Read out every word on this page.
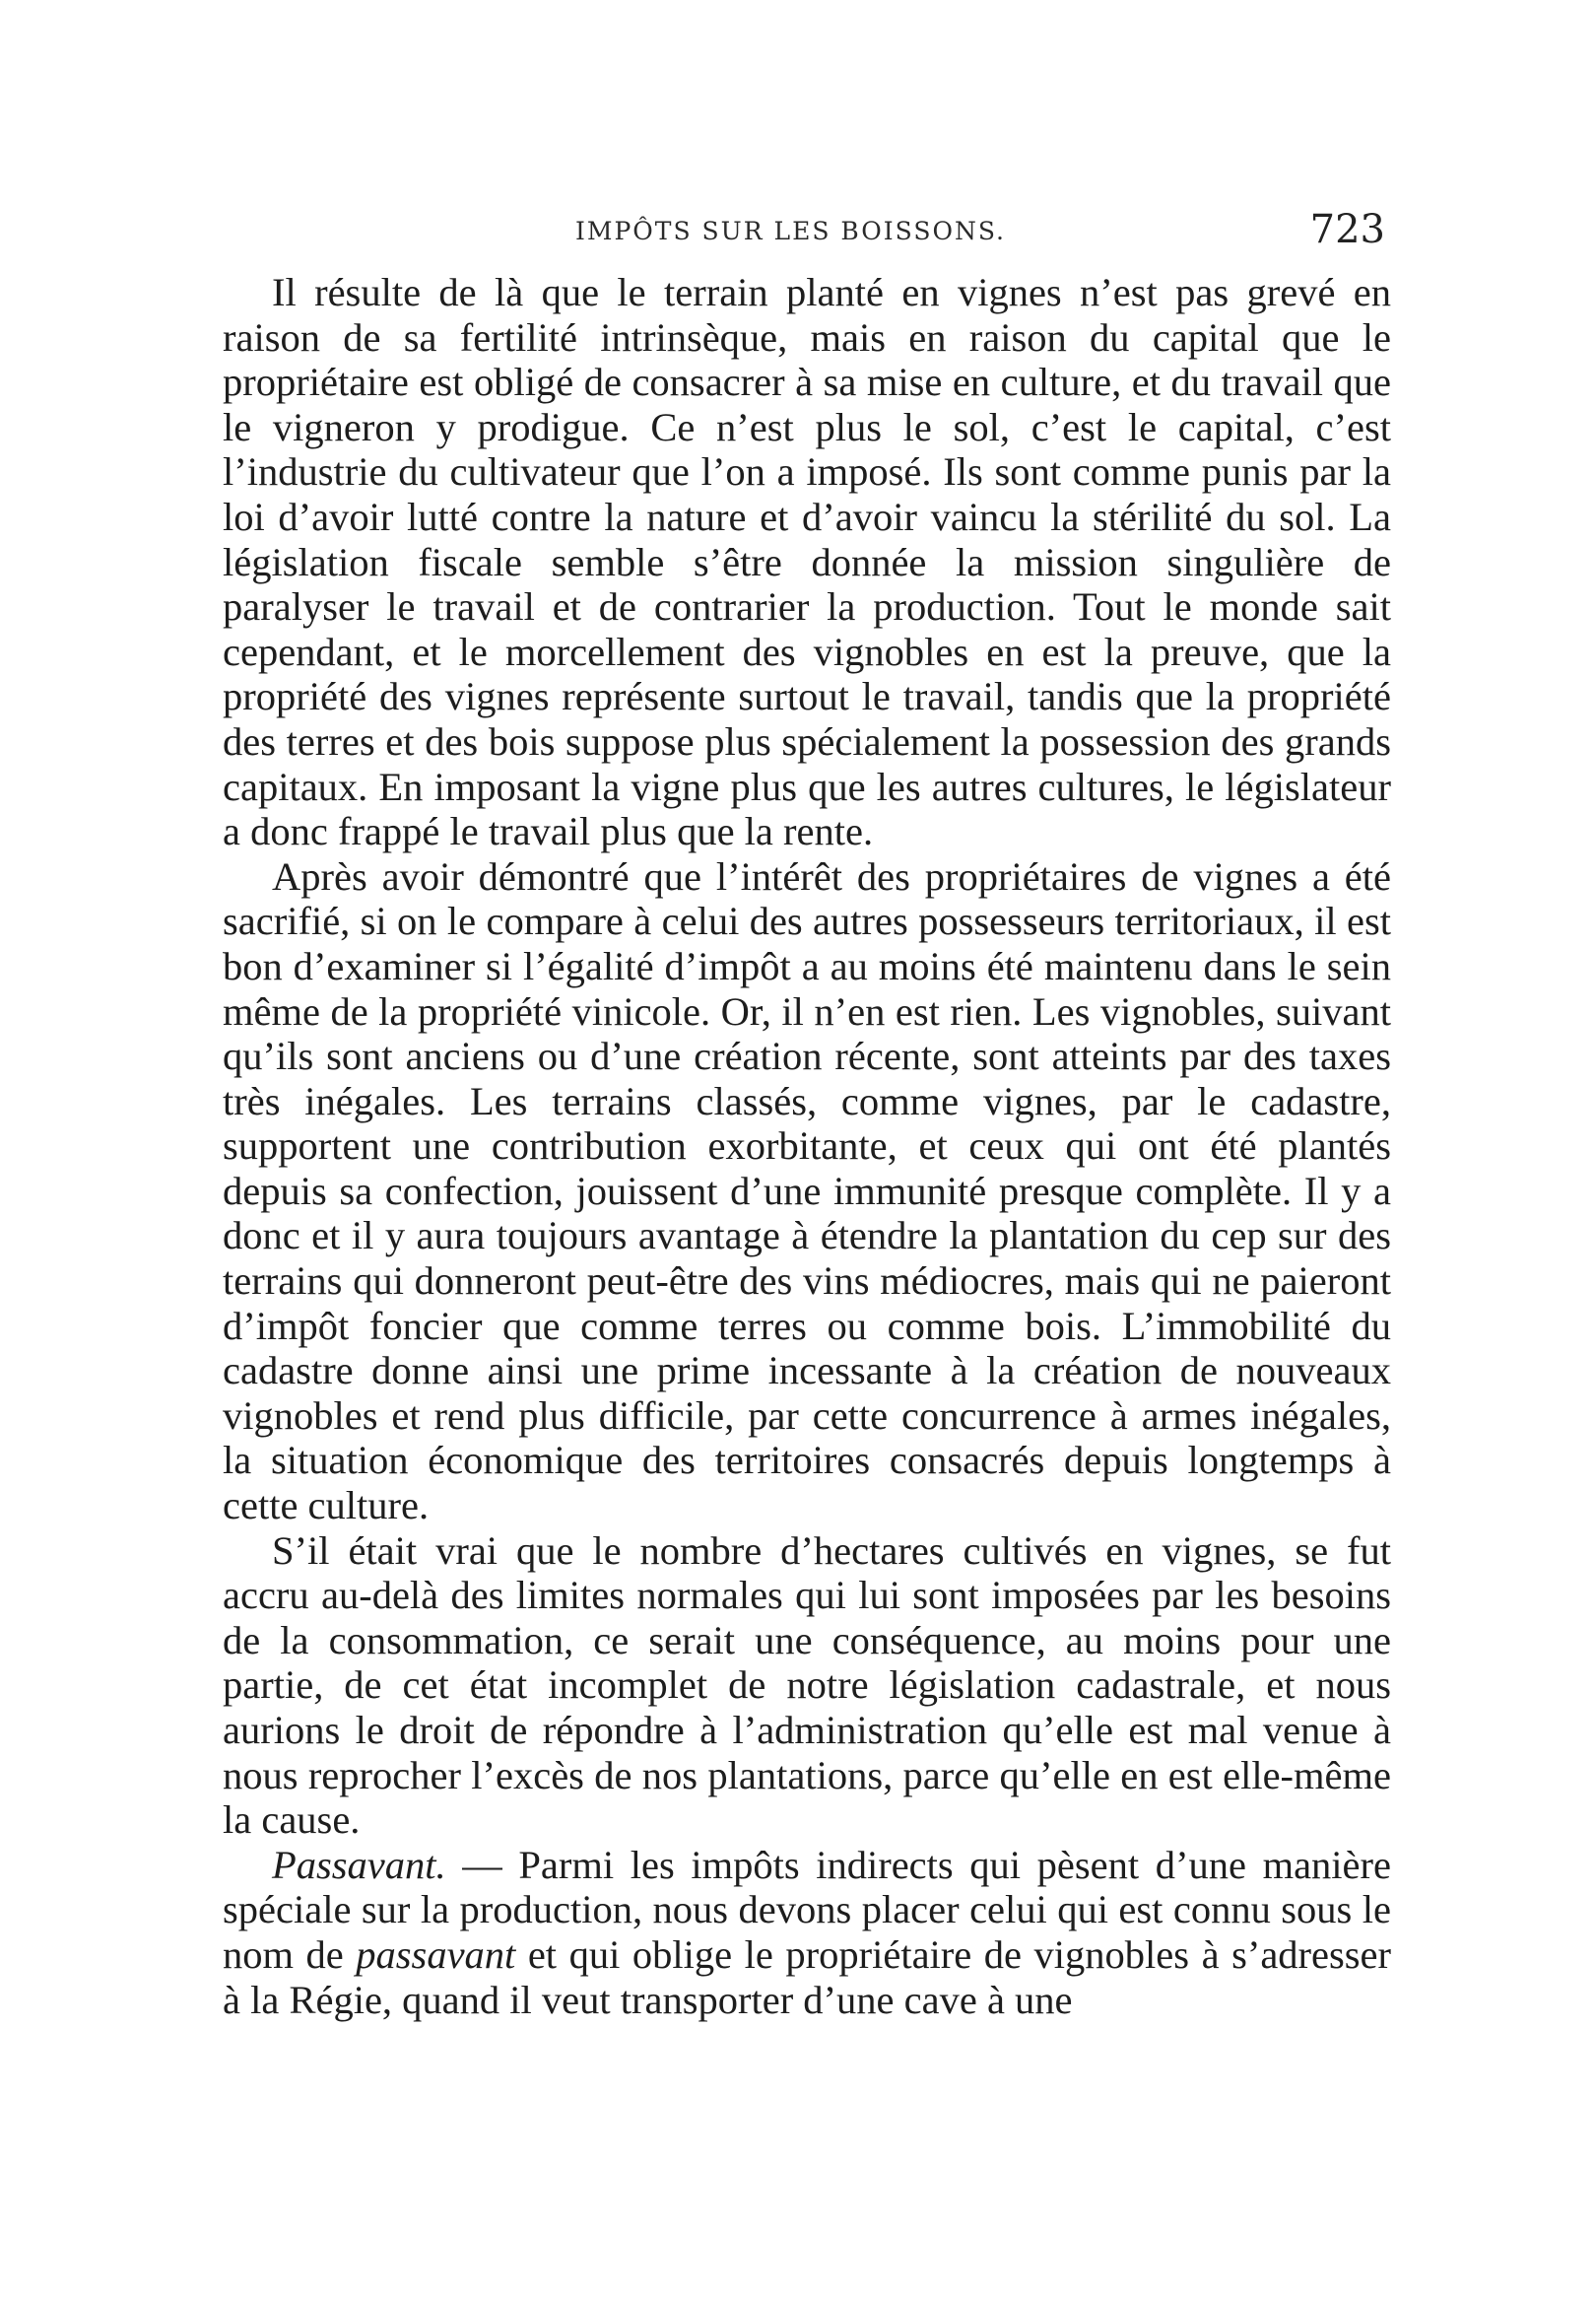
IMPÔTS SUR LES BOISSONS.	723

Il résulte de là que le terrain planté en vignes n’est pas grevé en raison de sa fertilité intrinsèque, mais en raison du capital que le propriétaire est obligé de consacrer à sa mise en culture, et du travail que le vigneron y prodigue. Ce n’est plus le sol, c’est le capital, c’est l’industrie du cultivateur que l’on a imposé. Ils sont comme punis par la loi d’avoir lutté contre la nature et d’avoir vaincu la stérilité du sol. La législation fiscale semble s’être donnée la mission singulière de paralyser le travail et de contrarier la production. Tout le monde sait cependant, et le morcellement des vignobles en est la preuve, que la propriété des vignes représente surtout le travail, tandis que la propriété des terres et des bois suppose plus spécialement la possession des grands capitaux. En imposant la vigne plus que les autres cultures, le législateur a donc frappé le travail plus que la rente.

Après avoir démontré que l’intérêt des propriétaires de vignes a été sacrifié, si on le compare à celui des autres possesseurs territoriaux, il est bon d’examiner si l’égalité d’impôt a au moins été maintenu dans le sein même de la propriété vinicole. Or, il n’en est rien. Les vignobles, suivant qu’ils sont anciens ou d’une création récente, sont atteints par des taxes très inégales. Les terrains classés, comme vignes, par le cadastre, supportent une contribution exorbitante, et ceux qui ont été plantés depuis sa confection, jouissent d’une immunité presque complète. Il y a donc et il y aura toujours avantage à étendre la plantation du cep sur des terrains qui donneront peut-être des vins médiocres, mais qui ne paieront d’impôt foncier que comme terres ou comme bois. L’immobilité du cadastre donne ainsi une prime incessante à la création de nouveaux vignobles et rend plus difficile, par cette concurrence à armes inégales, la situation économique des territoires consacrés depuis longtemps à cette culture.

S’il était vrai que le nombre d’hectares cultivés en vignes, se fut accru au-delà des limites normales qui lui sont imposées par les besoins de la consommation, ce serait une conséquence, au moins pour une partie, de cet état incomplet de notre législation cadastrale, et nous aurions le droit de répondre à l’administration qu’elle est mal venue à nous reprocher l’excès de nos plantations, parce qu’elle en est elle-même la cause.

Passavant. — Parmi les impôts indirects qui pèsent d’une manière spéciale sur la production, nous devons placer celui qui est connu sous le nom de passavant et qui oblige le propriétaire de vignobles à s’adresser à la Régie, quand il veut transporter d’une cave à une
